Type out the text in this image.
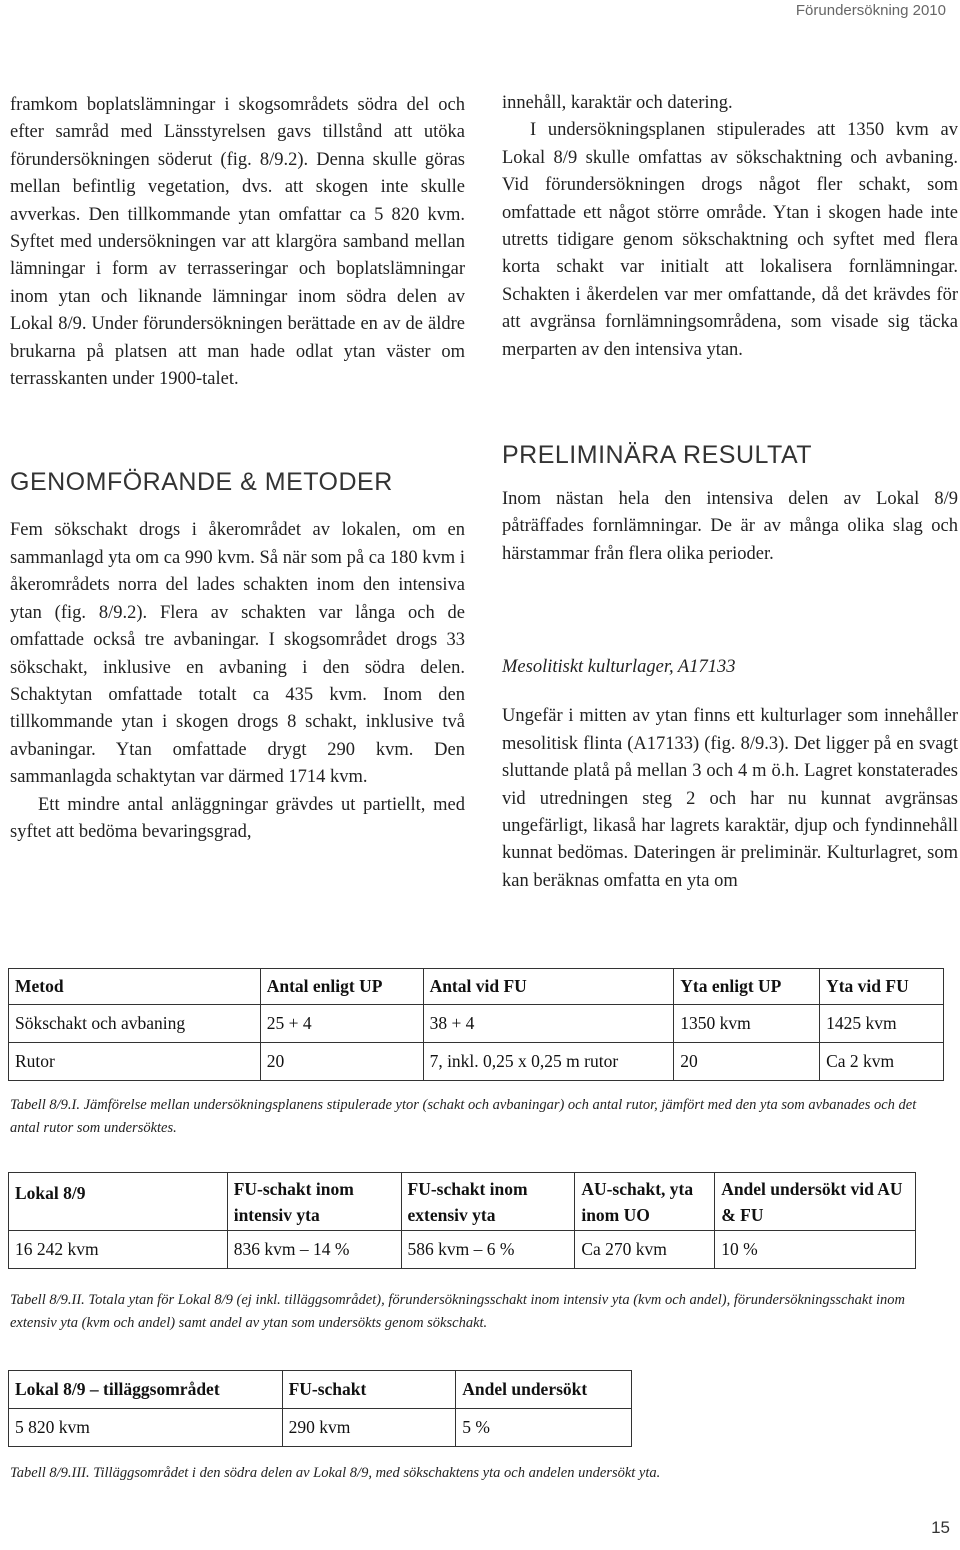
Förundersökning 2010

framkom boplatslämningar i skogsområdets södra del och efter samråd med Länsstyrelsen gavs tillstånd att utöka förundersökningen söderut (fig. 8/9.2). Denna skulle göras mellan befintlig vegetation, dvs. att skogen inte skulle avverkas. Den tillkommande ytan omfattar ca 5 820 kvm. Syftet med undersökningen var att klargöra samband mellan lämningar i form av terrasseringar och boplatslämningar inom ytan och liknande lämningar inom södra delen av Lokal 8/9. Under förundersökningen berättade en av de äldre brukarna på platsen att man hade odlat ytan väster om terrasskanten under 1900-talet.

GENOMFÖRANDE & METODER

Fem sökschakt drogs i åkerområdet av lokalen, om en sammanlagd yta om ca 990 kvm. Så när som på ca 180 kvm i åkerområdets norra del lades schakten inom den intensiva ytan (fig. 8/9.2). Flera av schakten var långa och de omfattade också tre avbaningar. I skogsområdet drogs 33 sökschakt, inklusive en avbaning i den södra delen. Schaktytan omfattade totalt ca 435 kvm. Inom den tillkommande ytan i skogen drogs 8 schakt, inklusive två avbaningar. Ytan omfattade drygt 290 kvm. Den sammanlagda schaktytan var därmed 1714 kvm.

Ett mindre antal anläggningar grävdes ut partiellt, med syftet att bedöma bevaringsgrad,

innehåll, karaktär och datering.

I undersökningsplanen stipulerades att 1350 kvm av Lokal 8/9 skulle omfattas av sökschaktning och avbaning. Vid förundersökningen drogs något fler schakt, som omfattade ett något större område. Ytan i skogen hade inte utretts tidigare genom sökschaktning och syftet med flera korta schakt var initialt att lokalisera fornlämningar. Schakten i åkerdelen var mer omfattande, då det krävdes för att avgränsa fornlämningsområdena, som visade sig täcka merparten av den intensiva ytan.

PRELIMINÄRA RESULTAT

Inom nästan hela den intensiva delen av Lokal 8/9 påträffades fornlämningar. De är av många olika slag och härstammar från flera olika perioder.

Mesolitiskt kulturlager, A17133

Ungefär i mitten av ytan finns ett kulturlager som innehåller mesolitisk flinta (A17133) (fig. 8/9.3). Det ligger på en svagt sluttande platå på mellan 3 och 4 m ö.h. Lagret konstaterades vid utredningen steg 2 och har nu kunnat avgränsas ungefärligt, likaså har lagrets karaktär, djup och fyndinnehåll kunnat bedömas. Dateringen är preliminär. Kulturlagret, som kan beräknas omfatta en yta om

Metod	Antal enligt UP	Antal vid FU	Yta enligt UP	Yta vid FU
Sökschakt och avbaning	25 + 4	38 + 4	1350 kvm	1425 kvm
Rutor	20	7, inkl. 0,25 x 0,25 m rutor	20	Ca 2 kvm
Tabell 8/9.I. Jämförelse mellan undersökningsplanens stipulerade ytor (schakt och avbaningar) och antal rutor, jämfört med den yta som avbanades och det antal rutor som undersöktes.
Lokal 8/9	FU-schakt inom intensiv yta	FU-schakt inom extensiv yta	AU-schakt, yta inom UO	Andel undersökt vid AU & FU
16 242 kvm	836 kvm – 14 %	586 kvm – 6 %	Ca 270 kvm	10 %
Tabell 8/9.II. Totala ytan för Lokal 8/9 (ej inkl. tilläggsområdet), förundersökningsschakt inom intensiv yta (kvm och andel), förundersökningsschakt inom extensiv yta (kvm och andel) samt andel av ytan som undersökts genom sökschakt.
Lokal 8/9 – tilläggsområdet	FU-schakt	Andel undersökt
5 820 kvm	290 kvm	5 %
Tabell 8/9.III. Tilläggsområdet i den södra delen av Lokal 8/9, med sökschaktens yta och andelen undersökt yta.
15
